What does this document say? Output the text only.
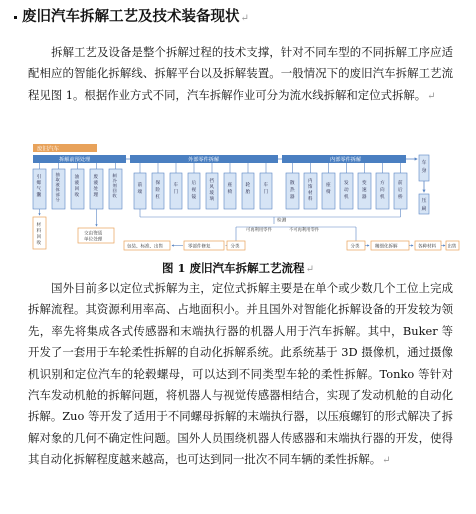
废旧汽车拆解工艺及技术装备现状↵
拆解工艺及设备是整个拆解过程的技术支撑，针对不同车型的不同拆解工序应适配相应的智能化拆解线、拆解平台以及拆解装置。一般情况下的废旧汽车拆解工艺流程见图 1。根据作业方式不同，汽车拆解作业可分为流水线拆解和定位式拆解。↵
废旧汽车
拆解前预处理	外部零件拆解	内部零件拆解	车身
压扁
引爆气囊
抽取液体部分
油液回收
废液处理
制冷剂回收
前端
保险杠
车门
后视镜
挡风玻璃
座椅
轮胎
车门
散热器
内饰材料
座椅
发动机
变速器
方向机
前后桥
材料回收
交由资质单位处理
检测
可再利用零件	不可再利用零件
包装、标准、出售	零部件修复	分类	分类	精细化拆解	各种材料	出售
图 1 废旧汽车拆解工艺流程↵
国外目前多以定位式拆解为主，定位式拆解主要是在单个或少数几个工位上完成拆解流程。其资源利用率高、占地面积小。并且国外对智能化拆解设备的开发较为领先，率先将集成各式传感器和末端执行器的机器人用于汽车拆解。其中，Buker 等开发了一套用于车轮柔性拆解的自动化拆解系统。此系统基于 3D 摄像机，通过摄像机识别和定位汽车的轮毂螺母，可以达到不同类型车轮的柔性拆解。Tonko 等针对汽车发动机舱的拆解问题，将机器人与视觉传感器相结合，实现了发动机舱的自动化拆解。Zuo 等开发了适用于不同螺母拆解的末端执行器，以压痕螺钉的形式解决了拆解对象的几何不确定性问题。国外人员围绕机器人传感器和末端执行器的开发，使得其自动化拆解程度越来越高，也可达到同一批次不同车辆的柔性拆解。↵
